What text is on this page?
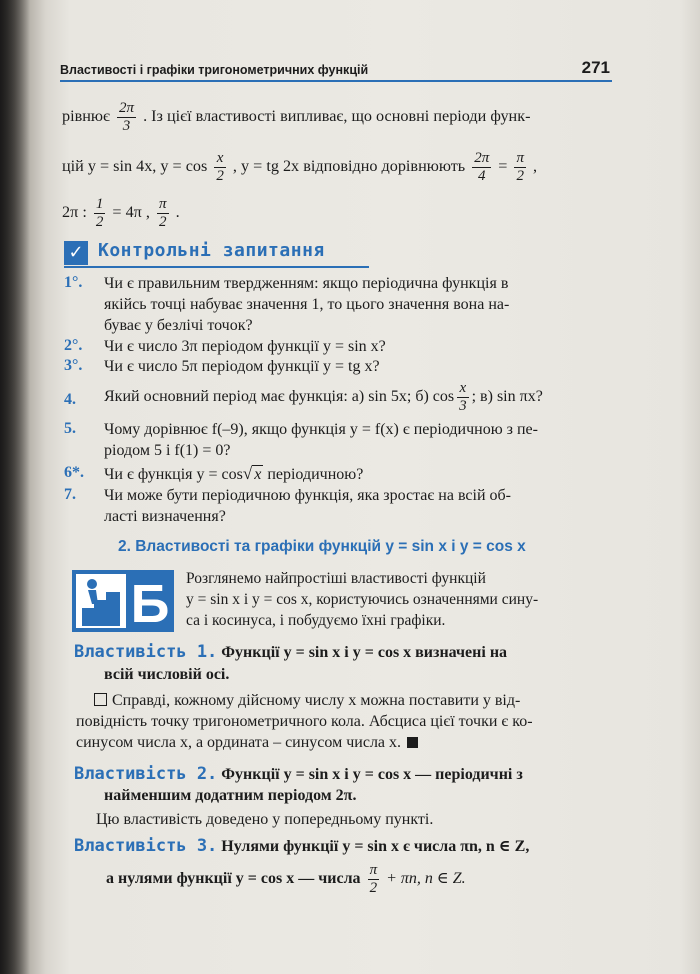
Властивості і графіки тригонометричних функцій	271
рівнює $\frac{2\pi}{3}$ . Із цієї властивості випливає, що основні періоди функ-
цій y = sin 4x, $y = \cos \frac{x}{2}$ , y = tg 2x відповідно дорівнюють $\frac{2\pi}{4} = \frac{\pi}{2}$ ,
2π : $\frac{1}{2} = 4\pi$ , $\frac{\pi}{2}$ .
✓ Контрольні запитання
1°. Чи є правильним твердженням: якщо періодична функція в
якійсь точці набуває значення 1, то цього значення вона на-
буває у безлічі точок?
2°. Чи є число 3π періодом функції y = sin x?
3°. Чи є число 5π періодом функції y = tg x?
4. Який основний період має функція: а) sin 5x; б) $\cos \frac{x}{3}$ ; в) sin πx?
5. Чому дорівнює f(–9), якщо функція y = f(x) є періодичною з пе-
ріодом 5 і f(1) = 0?
6*. Чи є функція y = cos√ x періодичною?
7. Чи може бути періодичною функція, яка зростає на всій об-
ласті визначення?
2. Властивості та графіки функцій y = sin x і y = cos x
Б Розглянемо найпростіші властивості функцій
y = sin x і y = cos x, користуючись означеннями сину-
са і косинуса, і побудуємо їхні графіки.
Властивість 1. Функції y = sin x і y = cos x визначені на
всій числовій осі.
Справді, кожному дійсному числу x можна поставити у від-
повідність точку тригонометричного кола. Абсциса цієї точки є ко-
синусом числа x, а ордината – синусом числа x.
Властивість 2. Функції y = sin x і y = cos x — періодичні з
найменшим додатним періодом 2π.
Цю властивість доведено у попередньому пункті.
Властивість 3. Нулями функції y = sin x є числа πn, n ∈ Z,
а нулями функції y = cos x — числа $\frac{\pi}{2} + \pi n$, n ∈ Z.
